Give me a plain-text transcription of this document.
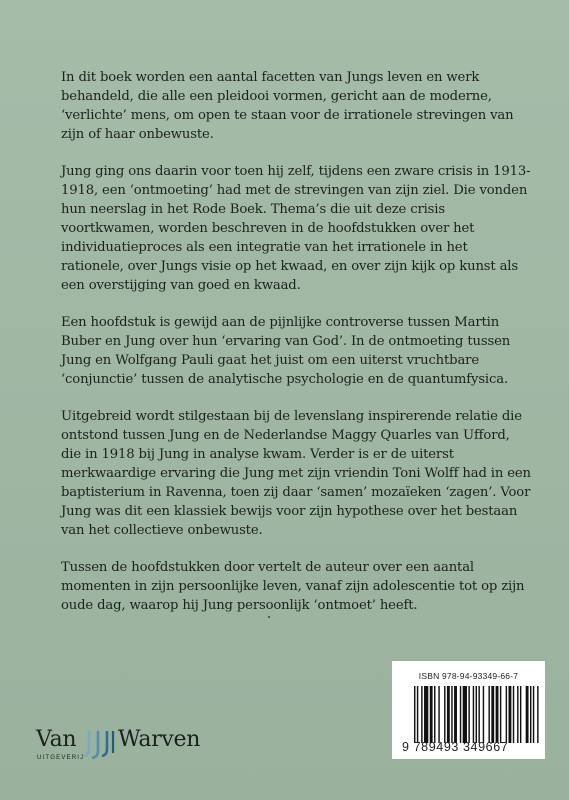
In dit boek worden een aantal facetten van Jungs leven en werk behandeld, die alle een pleidooi vormen, gericht aan de moderne, ‘verlichte’ mens, om open te staan voor de irrationele strevingen van zijn of haar onbewuste.

Jung ging ons daarin voor toen hij zelf, tijdens een zware crisis in 1913-1918, een ‘ontmoeting’ had met de strevingen van zijn ziel. Die vonden hun neerslag in het Rode Boek. Thema’s die uit deze crisis voortkwamen, worden beschreven in de hoofdstukken over het individuatieproces als een integratie van het irrationele in het rationele, over Jungs visie op het kwaad, en over zijn kijk op kunst als een overstijging van goed en kwaad.

Een hoofdstuk is gewijd aan de pijnlijke controverse tussen Martin Buber en Jung over hun ‘ervaring van God’. In de ontmoeting tussen Jung en Wolfgang Pauli gaat het juist om een uiterst vruchtbare ‘conjunctie’ tussen de analytische psychologie en de quantumfysica.

Uitgebreid wordt stilgestaan bij de levenslang inspirerende relatie die ontstond tussen Jung en de Nederlandse Maggy Quarles van Ufford, die in 1918 bij Jung in analyse kwam. Verder is er de uiterst merkwaardige ervaring die Jung met zijn vriendin Toni Wolff had in een baptisterium in Ravenna, toen zij daar ‘samen’ mozaïeken ‘zagen’. Voor Jung was dit een klassiek bewijs voor zijn hypothese over het bestaan van het collectieve onbewuste.

Tussen de hoofdstukken door vertelt de auteur over een aantal momenten in zijn persoonlijke leven, vanaf zijn adolescentie tot op zijn oude dag, waarop hij Jung persoonlijk ‘ontmoet’ heeft.

Van Warven
UITGEVERIJ
ISBN 978-94-93349-66-7
9 789493 349667
